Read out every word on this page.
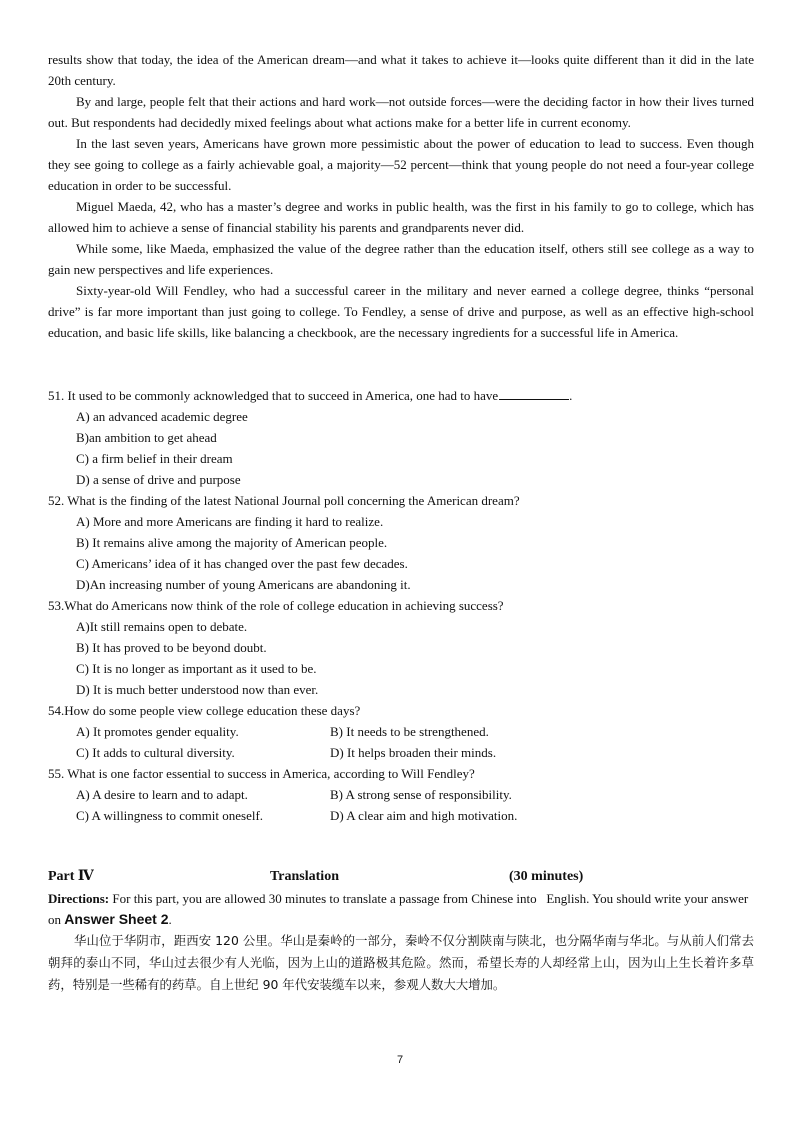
results show that today, the idea of the American dream—and what it takes to achieve it—looks quite different than it did in the late 20th century.
By and large, people felt that their actions and hard work—not outside forces—were the deciding factor in how their lives turned out. But respondents had decidedly mixed feelings about what actions make for a better life in current economy.
In the last seven years, Americans have grown more pessimistic about the power of education to lead to success. Even though they see going to college as a fairly achievable goal, a majority—52 percent—think that young people do not need a four-year college education in order to be successful.
Miguel Maeda, 42, who has a master’s degree and works in public health, was the first in his family to go to college, which has allowed him to achieve a sense of financial stability his parents and grandparents never did.
While some, like Maeda, emphasized the value of the degree rather than the education itself, others still see college as a way to gain new perspectives and life experiences.
Sixty-year-old Will Fendley, who had a successful career in the military and never earned a college degree, thinks “personal drive” is far more important than just going to college. To Fendley, a sense of drive and purpose, as well as an effective high-school education, and basic life skills, like balancing a checkbook, are the necessary ingredients for a successful life in America.
51. It used to be commonly acknowledged that to succeed in America, one had to have	.
A) an advanced academic degree
B)an ambition to get ahead
C) a firm belief in their dream
D) a sense of drive and purpose
52. What is the finding of the latest National Journal poll concerning the American dream?
A) More and more Americans are finding it hard to realize.
B) It remains alive among the majority of American people.
C) Americans’ idea of it has changed over the past few decades.
D)An increasing number of young Americans are abandoning it.
53.What do Americans now think of the role of college education in achieving success?
A)It still remains open to debate.
B) It has proved to be beyond doubt.
C) It is no longer as important as it used to be.
D) It is much better understood now than ever.
54.How do some people view college education these days?
A) It promotes gender equality.	B) It needs to be strengthened.
C) It adds to cultural diversity.	D) It helps broaden their minds.
55. What is one factor essential to success in America, according to Will Fendley?
A) A desire to learn and to adapt.	B) A strong sense of responsibility.
C) A willingness to commit oneself.	D) A clear aim and high motivation.
Part Ⅳ	Translation	(30 minutes)
Directions: For this part, you are allowed 30 minutes to translate a passage from Chinese into   English. You should write your answer on Answer Sheet 2.
华山位于华阴市，距西安 120 公里。华山是秦岭的一部分，秦岭不仅分割陕南与陕北，也分隔华南与华北。与从前人们常去朝拜的泰山不同，华山过去很少有人光临，因为上山的道路极其危险。然而，希望长寿的人却经常上山，因为山上生长着许多草药，特别是一些稀有的药草。自上世纪 90 年代安装缆车以来，参观人数大大增加。
7
